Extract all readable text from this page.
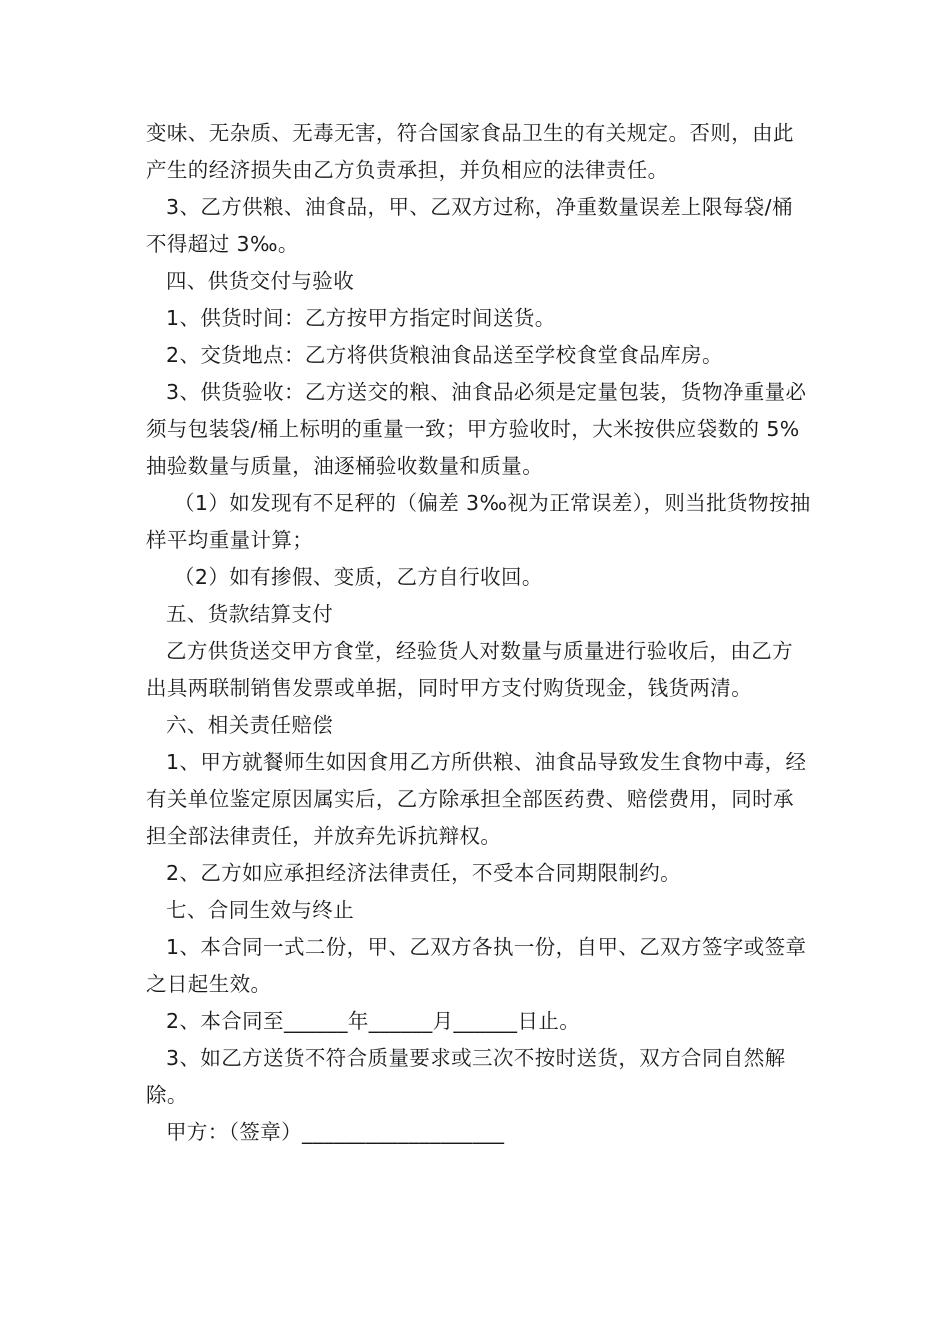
变味、无杂质、无毒无害，符合国家食品卫生的有关规定。否则，由此产生的经济损失由乙方负责承担，并负相应的法律责任。

3、乙方供粮、油食品，甲、乙双方过称，净重数量误差上限每袋/桶不得超过 3‰。

四、供货交付与验收

1、供货时间：乙方按甲方指定时间送货。

2、交货地点：乙方将供货粮油食品送至学校食堂食品库房。

3、供货验收：乙方送交的粮、油食品必须是定量包装，货物净重量必须与包装袋/桶上标明的重量一致；甲方验收时，大米按供应袋数的 5%抽验数量与质量，油逐桶验收数量和质量。

（1）如发现有不足秤的（偏差 3‰视为正常误差），则当批货物按抽样平均重量计算；

（2）如有掺假、变质，乙方自行收回。

五、货款结算支付

乙方供货送交甲方食堂，经验货人对数量与质量进行验收后，由乙方出具两联制销售发票或单据，同时甲方支付购货现金，钱货两清。

六、相关责任赔偿

1、甲方就餐师生如因食用乙方所供粮、油食品导致发生食物中毒，经有关单位鉴定原因属实后，乙方除承担全部医药费、赔偿费用，同时承担全部法律责任，并放弃先诉抗辩权。

2、乙方如应承担经济法律责任，不受本合同期限制约。

七、合同生效与终止

1、本合同一式二份，甲、乙双方各执一份，自甲、乙双方签字或签章之日起生效。

2、本合同至______年______月______日止。

3、如乙方送货不符合质量要求或三次不按时送货，双方合同自然解除。

甲方：（签章）___________________
